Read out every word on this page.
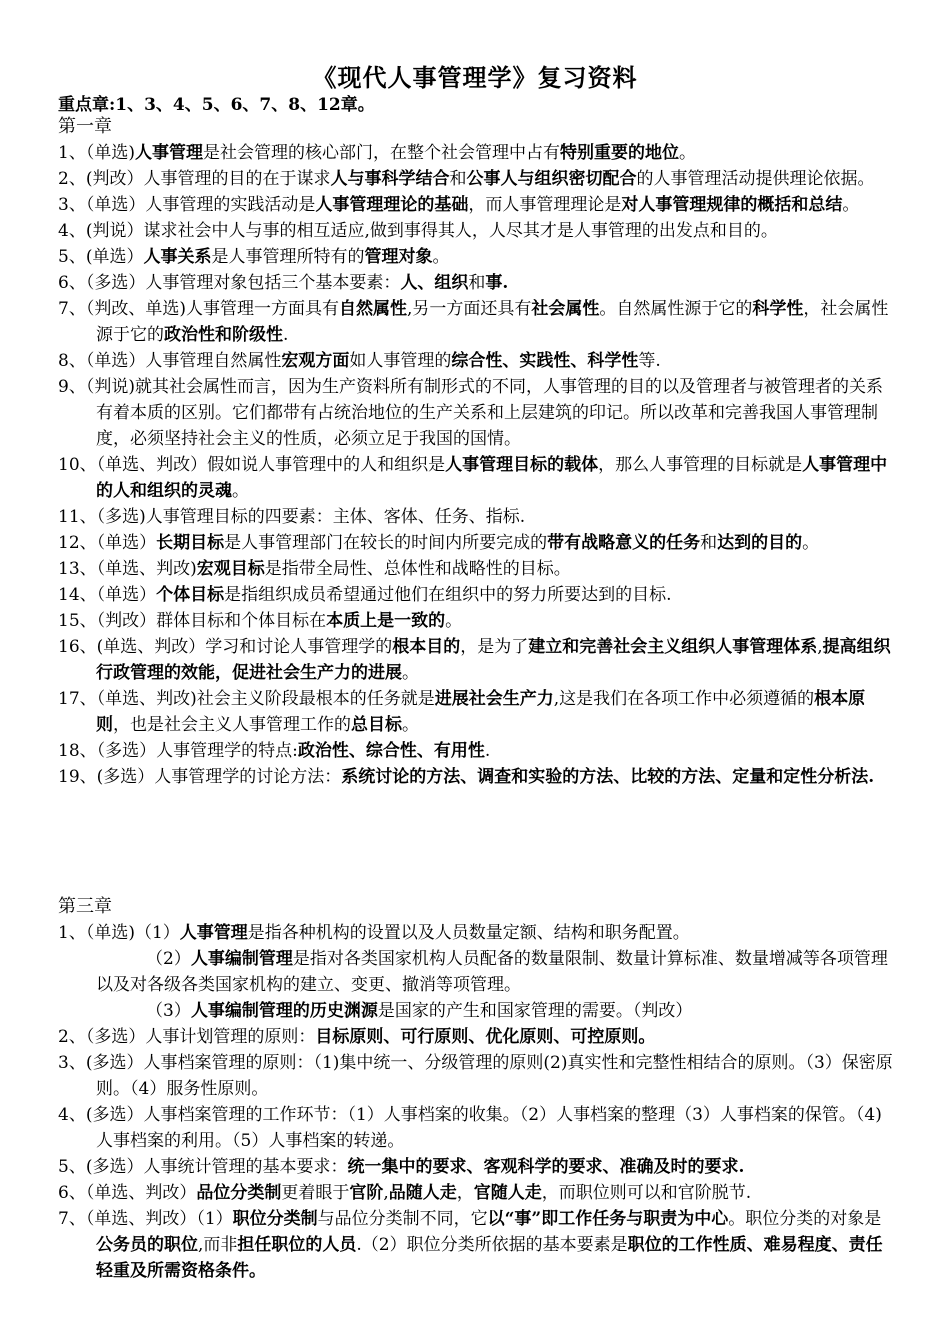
《现代人事管理学》复习资料
重点章:1、3、4、5、6、7、8、12章。

第一章

1、（单选)人事管理是社会管理的核心部门，在整个社会管理中占有特别重要的地位。

2、(判改）人事管理的目的在于谋求人与事科学结合和公事人与组织密切配合的人事管理活动提供理论依据。

3、（单选）人事管理的实践活动是人事管理理论的基础，而人事管理理论是对人事管理规律的概括和总结。

4、(判说）谋求社会中人与事的相互适应,做到事得其人，人尽其才是人事管理的出发点和目的。

5、(单选）人事关系是人事管理所特有的管理对象。

6、（多选）人事管理对象包括三个基本要素：人、组织和事.

7、（判改、单选)人事管理一方面具有自然属性,另一方面还具有社会属性。自然属性源于它的科学性，社会属性源于它的政治性和阶级性.

8、（单选）人事管理自然属性宏观方面如人事管理的综合性、实践性、科学性等.

9、（判说)就其社会属性而言，因为生产资料所有制形式的不同，人事管理的目的以及管理者与被管理者的关系有着本质的区别。它们都带有占统治地位的生产关系和上层建筑的印记。所以改革和完善我国人事管理制度，必须坚持社会主义的性质，必须立足于我国的国情。

10、（单选、判改）假如说人事管理中的人和组织是人事管理目标的载体，那么人事管理的目标就是人事管理中的人和组织的灵魂。

11、（多选)人事管理目标的四要素：主体、客体、任务、指标.

12、（单选）长期目标是人事管理部门在较长的时间内所要完成的带有战略意义的任务和达到的目的。

13、（单选、判改)宏观目标是指带全局性、总体性和战略性的目标。

14、（单选）个体目标是指组织成员希望通过他们在组织中的努力所要达到的目标.

15、（判改）群体目标和个体目标在本质上是一致的。

16、(单选、判改）学习和讨论人事管理学的根本目的，是为了建立和完善社会主义组织人事管理体系,提高组织行政管理的效能，促进社会生产力的进展。

17、（单选、判改)社会主义阶段最根本的任务就是进展社会生产力,这是我们在各项工作中必须遵循的根本原则，也是社会主义人事管理工作的总目标。

18、（多选）人事管理学的特点:政治性、综合性、有用性.

19、(多选）人事管理学的讨论方法：系统讨论的方法、调查和实验的方法、比较的方法、定量和定性分析法.

第三章

1、（单选)（1）人事管理是指各种机构的设置以及人员数量定额、结构和职务配置。

（2）人事编制管理是指对各类国家机构人员配备的数量限制、数量计算标准、数量增减等各项管理以及对各级各类国家机构的建立、变更、撤消等项管理。

（3）人事编制管理的历史渊源是国家的产生和国家管理的需要。（判改）

2、（多选）人事计划管理的原则：目标原则、可行原则、优化原则、可控原则。

3、(多选）人事档案管理的原则：（1)集中统一、分级管理的原则(2)真实性和完整性相结合的原则。（3）保密原则。（4）服务性原则。

4、(多选）人事档案管理的工作环节：（1）人事档案的收集。（2）人事档案的整理（3）人事档案的保管。（4)人事档案的利用。（5）人事档案的转递。

5、(多选）人事统计管理的基本要求：统一集中的要求、客观科学的要求、准确及时的要求.

6、（单选、判改）品位分类制更着眼于官阶,品随人走，官随人走，而职位则可以和官阶脱节.

7、（单选、判改）（1）职位分类制与品位分类制不同，它以“事”即工作任务与职责为中心。职位分类的对象是公务员的职位,而非担任职位的人员.（2）职位分类所依据的基本要素是职位的工作性质、难易程度、责任轻重及所需资格条件。
